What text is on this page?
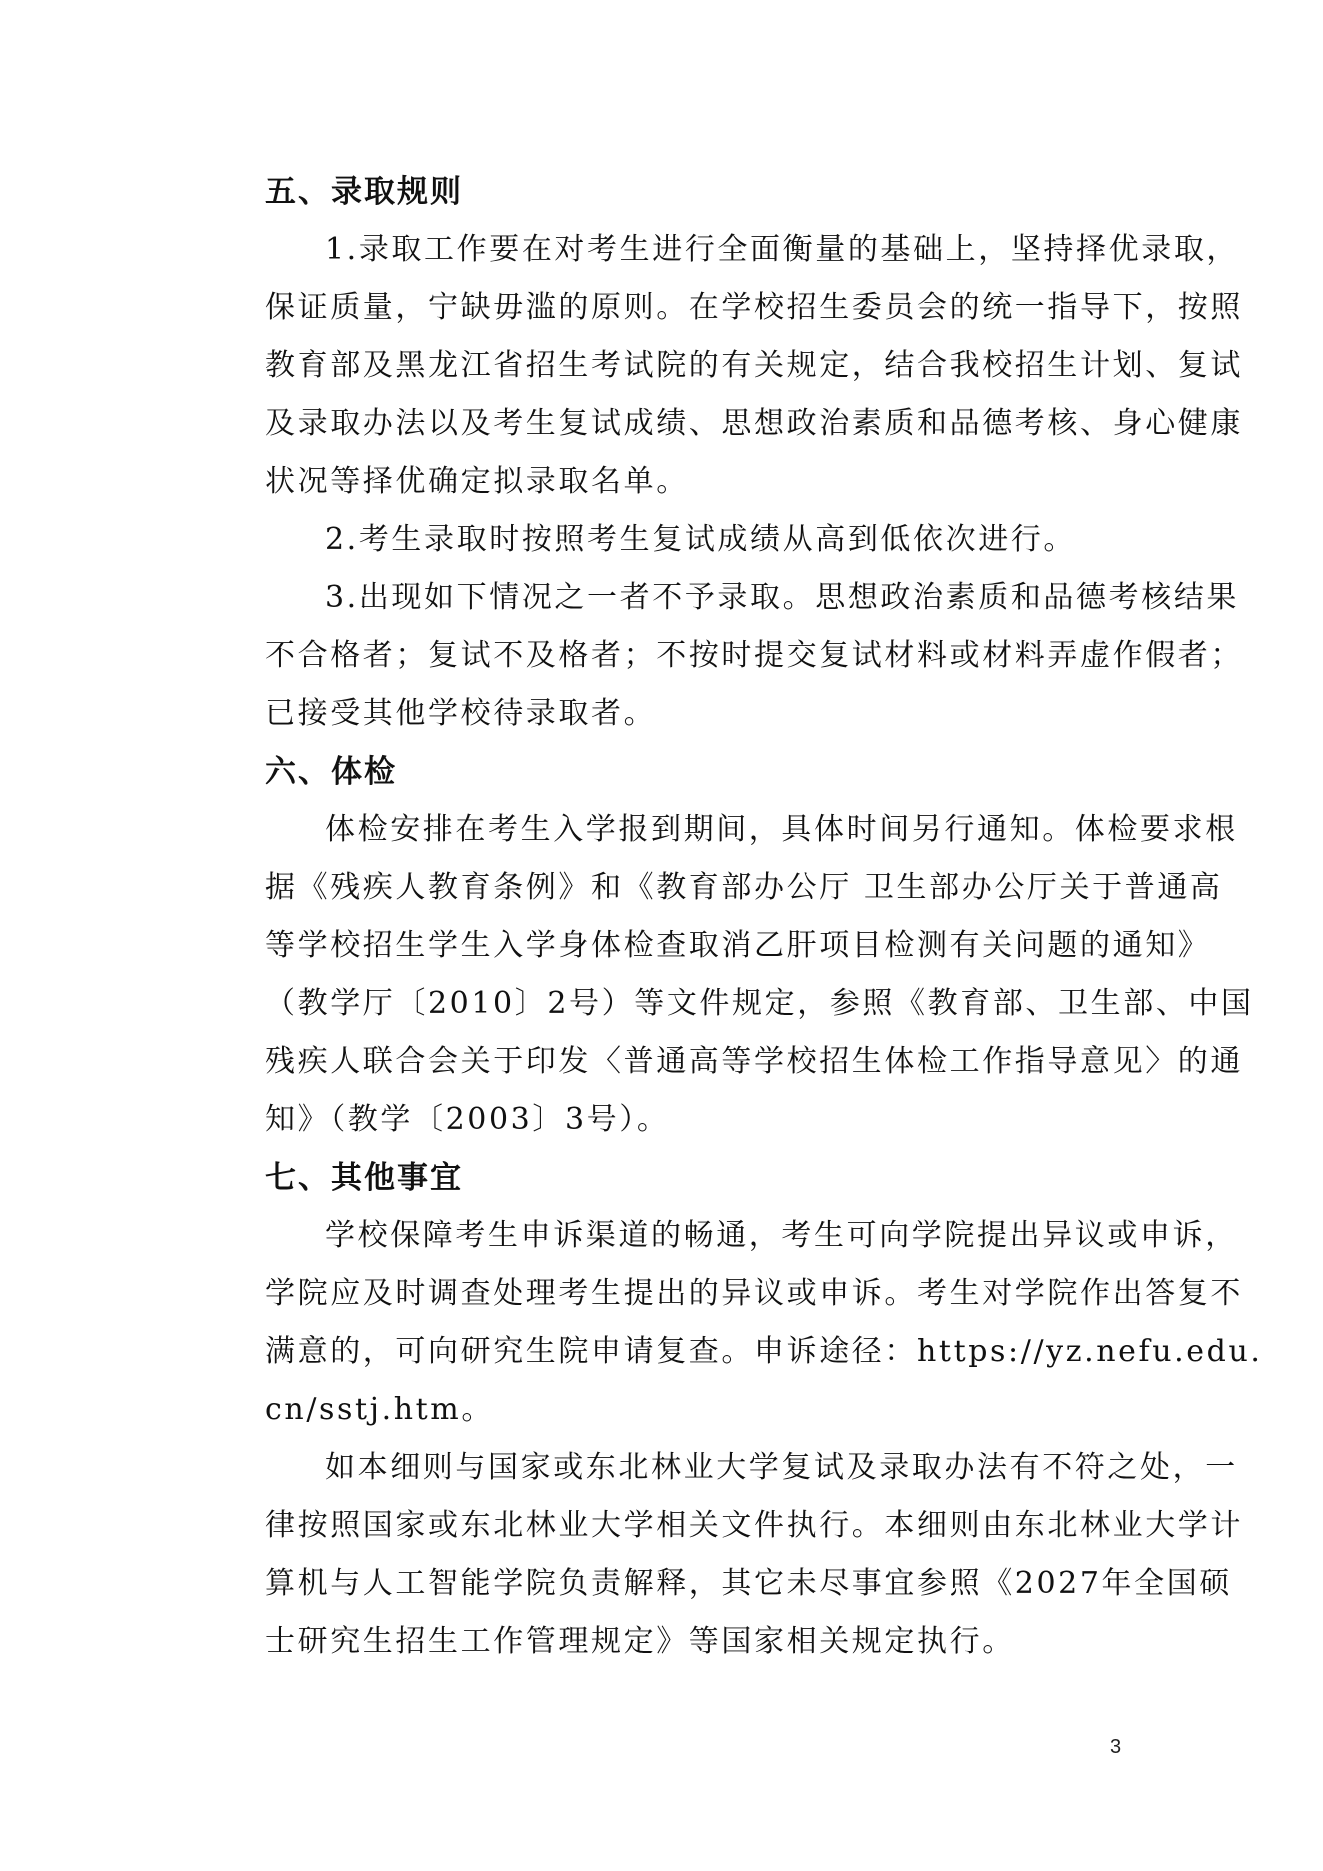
五、录取规则
1.录取工作要在对考生进行全面衡量的基础上，坚持择优录取，
保证质量，宁缺毋滥的原则。在学校招生委员会的统一指导下，按照
教育部及黑龙江省招生考试院的有关规定，结合我校招生计划、复试
及录取办法以及考生复试成绩、思想政治素质和品德考核、身心健康
状况等择优确定拟录取名单。
2.考生录取时按照考生复试成绩从高到低依次进行。
3.出现如下情况之一者不予录取。思想政治素质和品德考核结果
不合格者；复试不及格者；不按时提交复试材料或材料弄虚作假者；
已接受其他学校待录取者。
六、体检
体检安排在考生入学报到期间，具体时间另行通知。体检要求根
据《残疾人教育条例》和《教育部办公厅 卫生部办公厅关于普通高
等学校招生学生入学身体检查取消乙肝项目检测有关问题的通知》
（教学厅〔2010〕2号）等文件规定，参照《教育部、卫生部、中国
残疾人联合会关于印发〈普通高等学校招生体检工作指导意见〉的通
知》（教学〔2003〕3号）。
七、其他事宜
学校保障考生申诉渠道的畅通，考生可向学院提出异议或申诉，
学院应及时调查处理考生提出的异议或申诉。考生对学院作出答复不
满意的，可向研究生院申请复查。申诉途径：https://yz.nefu.edu.
cn/sstj.htm。
如本细则与国家或东北林业大学复试及录取办法有不符之处，一
律按照国家或东北林业大学相关文件执行。本细则由东北林业大学计
算机与人工智能学院负责解释，其它未尽事宜参照《2027年全国硕
士研究生招生工作管理规定》等国家相关规定执行。
3
